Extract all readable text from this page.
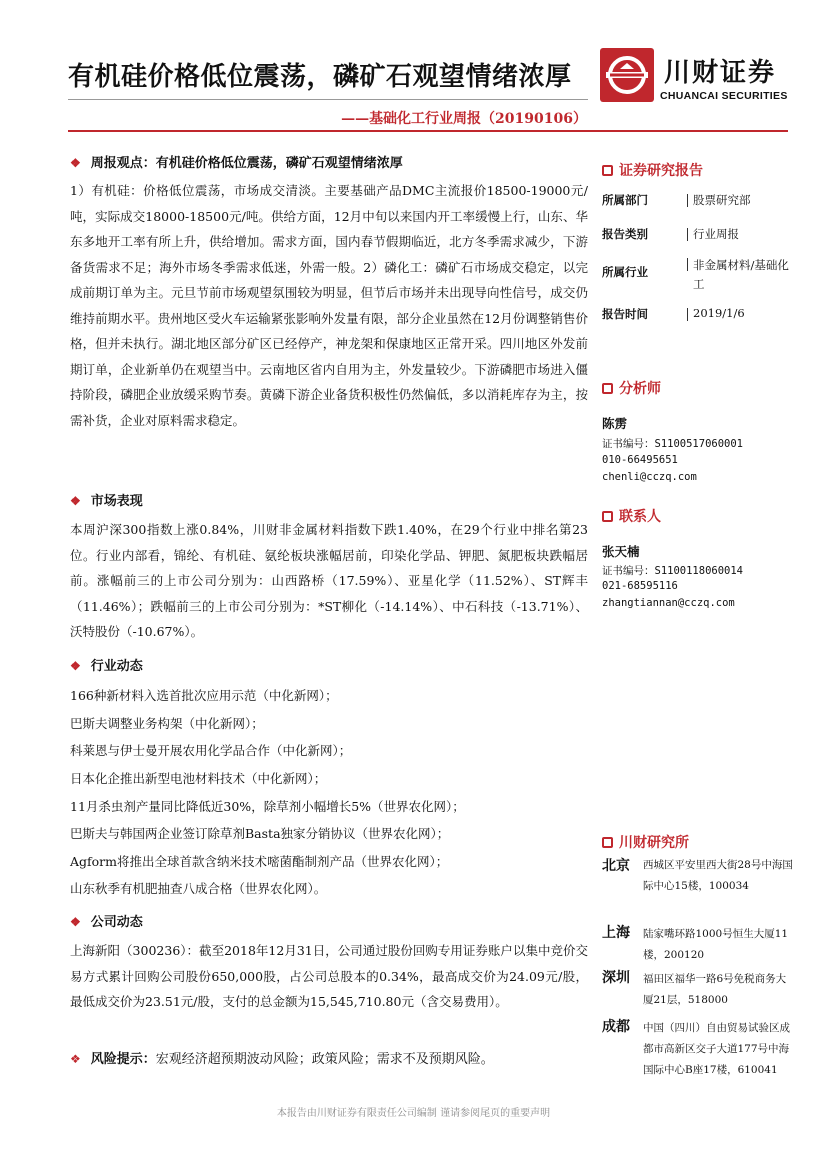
有机硅价格低位震荡，磷矿石观望情绪浓厚
——基础化工行业周报（20190106）
川财证券
CHUANCAI SECURITIES
❖ 周报观点：有机硅价格低位震荡，磷矿石观望情绪浓厚
1）有机硅：价格低位震荡，市场成交清淡。主要基础产品DMC主流报价18500-19000元/吨，实际成交18000-18500元/吨。供给方面，12月中旬以来国内开工率缓慢上行，山东、华东多地开工率有所上升，供给增加。需求方面，国内春节假期临近，北方冬季需求减少，下游备货需求不足；海外市场冬季需求低迷，外需一般。2）磷化工：磷矿石市场成交稳定，以完成前期订单为主。元旦节前市场观望氛围较为明显，但节后市场并未出现导向性信号，成交仍维持前期水平。贵州地区受火车运输紧张影响外发量有限，部分企业虽然在12月份调整销售价格，但并未执行。湖北地区部分矿区已经停产，神龙架和保康地区正常开采。四川地区外发前期订单，企业新单仍在观望当中。云南地区省内自用为主，外发量较少。下游磷肥市场进入僵持阶段，磷肥企业放缓采购节奏。黄磷下游企业备货积极性仍然偏低，多以消耗库存为主，按需补货，企业对原料需求稳定。
❖ 市场表现
本周沪深300指数上涨0.84%，川财非金属材料指数下跌1.40%，在29个行业中排名第23位。行业内部看，锦纶、有机硅、氨纶板块涨幅居前，印染化学品、钾肥、氮肥板块跌幅居前。涨幅前三的上市公司分别为：山西路桥（17.59%）、亚星化学（11.52%）、ST辉丰（11.46%）；跌幅前三的上市公司分别为：*ST柳化（-14.14%）、中石科技（-13.71%）、沃特股份（-10.67%）。
❖ 行业动态
166种新材料入选首批次应用示范（中化新网）；
巴斯夫调整业务构架（中化新网）；
科莱恩与伊士曼开展农用化学品合作（中化新网）；
日本化企推出新型电池材料技术（中化新网）；
11月杀虫剂产量同比降低近30%，除草剂小幅增长5%（世界农化网）；
巴斯夫与韩国两企业签订除草剂Basta独家分销协议（世界农化网）；
Agform将推出全球首款含纳米技术嘧菌酯制剂产品（世界农化网）；
山东秋季有机肥抽查八成合格（世界农化网）。
❖ 公司动态
上海新阳（300236）：截至2018年12月31日，公司通过股份回购专用证券账户以集中竞价交易方式累计回购公司股份650,000股，占公司总股本的0.34%，最高成交价为24.09元/股，最低成交价为23.51元/股，支付的总金额为15,545,710.80元（含交易费用）。
❖ 风险提示：宏观经济超预期波动风险；政策风险；需求不及预期风险。
证券研究报告
所属部门	股票研究部
报告类别	行业周报
所属行业	非金属材料/基础化工
报告时间	2019/1/6
分析师
陈雳
证书编号：S1100517060001
010-66495651
chenli@cczq.com
联系人
张天楠
证书编号：S1100118060014
021-68595116
zhangtiannan@cczq.com
川财研究所
北京 西城区平安里西大街28号中海国际中心15楼，100034
上海 陆家嘴环路1000号恒生大厦11楼，200120
深圳 福田区福华一路6号免税商务大厦21层，518000
成都 中国（四川）自由贸易试验区成都市高新区交子大道177号中海国际中心B座17楼，610041
本报告由川财证券有限责任公司编制 谨请参阅尾页的重要声明
